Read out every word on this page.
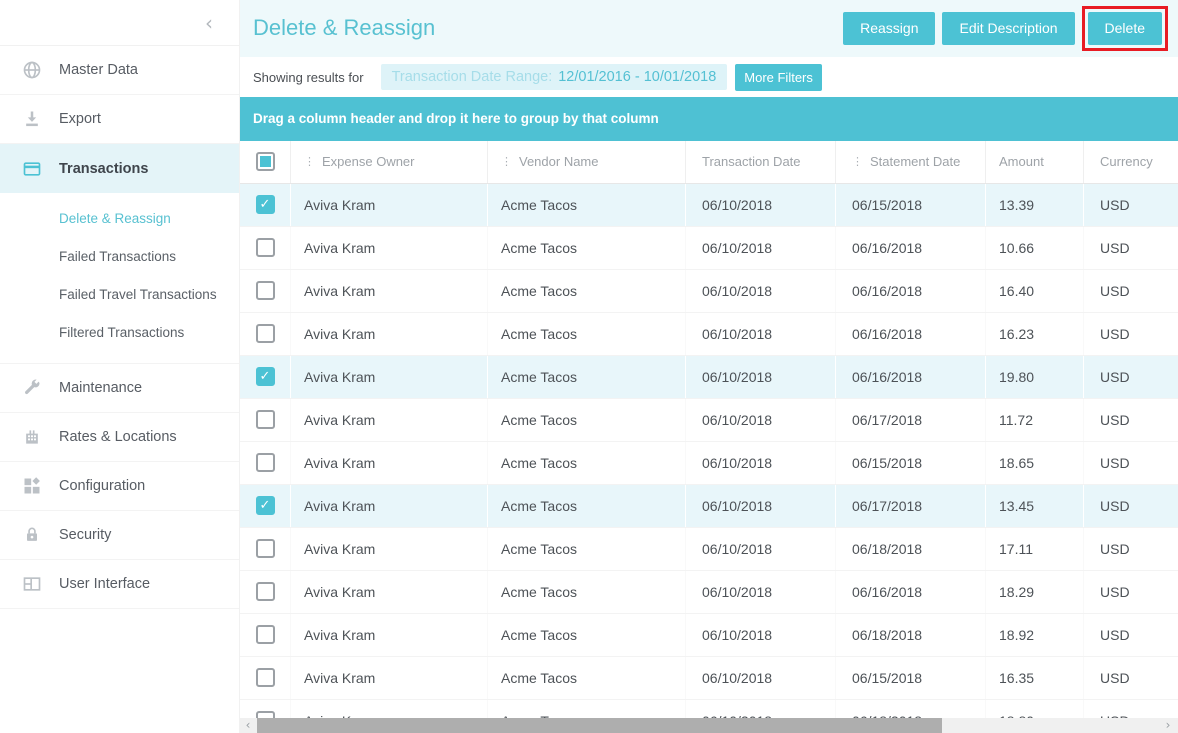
‹
Master Data
Export
Transactions
Delete & Reassign
Failed Transactions
Failed Travel Transactions
Filtered Transactions
Maintenance
Rates & Locations
Configuration
Security
User Interface
Delete & Reassign	Reassign	Edit Description	Delete
Showing results for Transaction Date Range: 12/01/2016 - 10/01/2018	More Filters
Drag a column header and drop it here to group by that column
⋮ Expense Owner	⋮ Vendor Name	Transaction Date	⋮ Statement Date	Amount	Currency
✓	Aviva Kram	Acme Tacos	06/10/2018	06/15/2018	13.39	USD
Aviva Kram	Acme Tacos	06/10/2018	06/16/2018	10.66	USD
Aviva Kram	Acme Tacos	06/10/2018	06/16/2018	16.40	USD
Aviva Kram	Acme Tacos	06/10/2018	06/16/2018	16.23	USD
✓	Aviva Kram	Acme Tacos	06/10/2018	06/16/2018	19.80	USD
Aviva Kram	Acme Tacos	06/10/2018	06/17/2018	11.72	USD
Aviva Kram	Acme Tacos	06/10/2018	06/15/2018	18.65	USD
✓	Aviva Kram	Acme Tacos	06/10/2018	06/17/2018	13.45	USD
Aviva Kram	Acme Tacos	06/10/2018	06/18/2018	17.11	USD
Aviva Kram	Acme Tacos	06/10/2018	06/16/2018	18.29	USD
Aviva Kram	Acme Tacos	06/10/2018	06/18/2018	18.92	USD
Aviva Kram	Acme Tacos	06/10/2018	06/15/2018	16.35	USD
‹	›
